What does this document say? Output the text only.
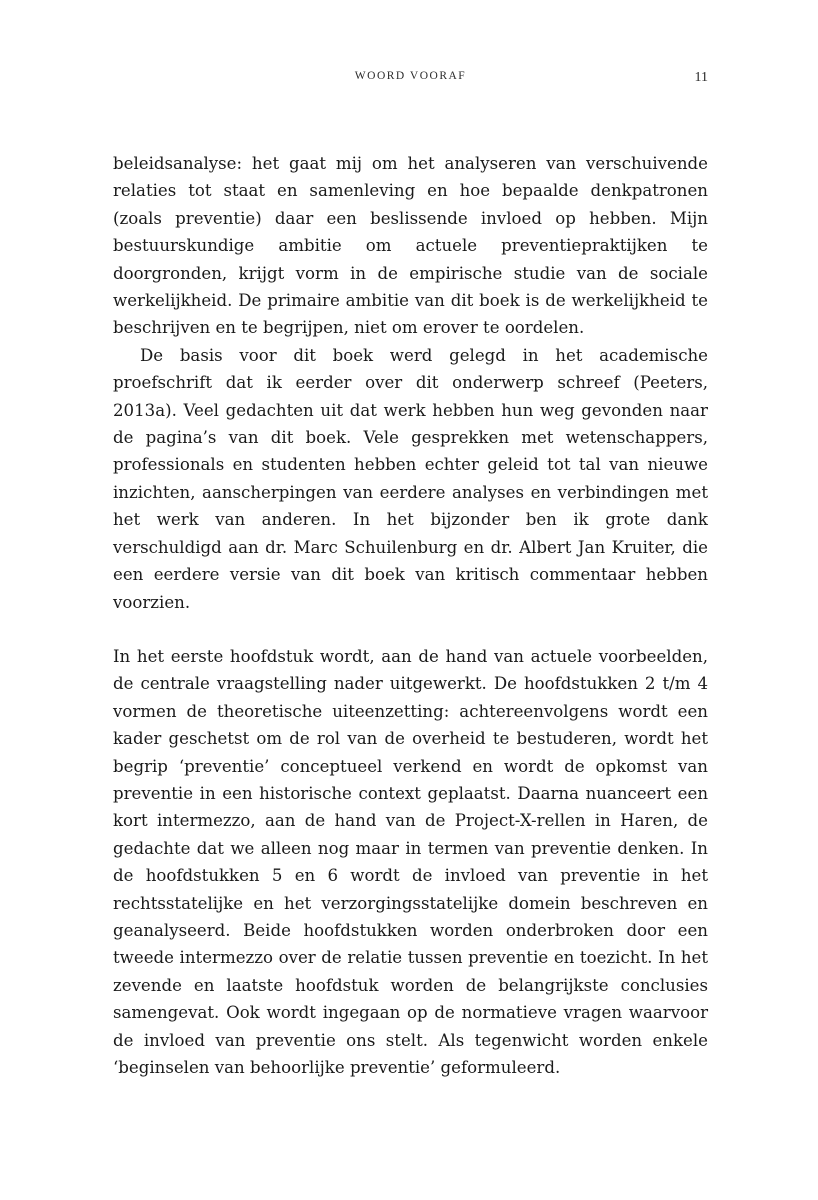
WOORD VOORAF	11

beleidsanalyse: het gaat mij om het analyseren van verschuivende relaties tot staat en samenleving en hoe bepaalde denkpatronen (zoals preventie) daar een beslissende invloed op hebben. Mijn bestuurskundige ambitie om actuele preventiepraktijken te doorgronden, krijgt vorm in de empirische studie van de sociale werkelijkheid. De primaire ambitie van dit boek is de werkelijkheid te beschrijven en te begrijpen, niet om erover te oordelen.

De basis voor dit boek werd gelegd in het academische proefschrift dat ik eerder over dit onderwerp schreef (Peeters, 2013a). Veel gedachten uit dat werk hebben hun weg gevonden naar de pagina’s van dit boek. Vele gesprekken met wetenschappers, professionals en studenten hebben echter geleid tot tal van nieuwe inzichten, aanscherpingen van eerdere analyses en verbindingen met het werk van anderen. In het bijzonder ben ik grote dank verschuldigd aan dr. Marc Schuilenburg en dr. Albert Jan Kruiter, die een eerdere versie van dit boek van kritisch commentaar hebben voorzien.

In het eerste hoofdstuk wordt, aan de hand van actuele voorbeelden, de centrale vraagstelling nader uitgewerkt. De hoofdstukken 2 t/m 4 vormen de theoretische uiteenzetting: achtereenvolgens wordt een kader geschetst om de rol van de overheid te bestuderen, wordt het begrip ‘preventie’ conceptueel verkend en wordt de opkomst van preventie in een historische context geplaatst. Daarna nuanceert een kort intermezzo, aan de hand van de Project-X-rellen in Haren, de gedachte dat we alleen nog maar in termen van preventie denken. In de hoofdstukken 5 en 6 wordt de invloed van preventie in het rechtsstatelijke en het verzorgingsstatelijke domein beschreven en geanalyseerd. Beide hoofdstukken worden onderbroken door een tweede intermezzo over de relatie tussen preventie en toezicht. In het zevende en laatste hoofdstuk worden de belangrijkste conclusies samengevat. Ook wordt ingegaan op de normatieve vragen waarvoor de invloed van preventie ons stelt. Als tegenwicht worden enkele ‘beginselen van behoorlijke preventie’ geformuleerd.
